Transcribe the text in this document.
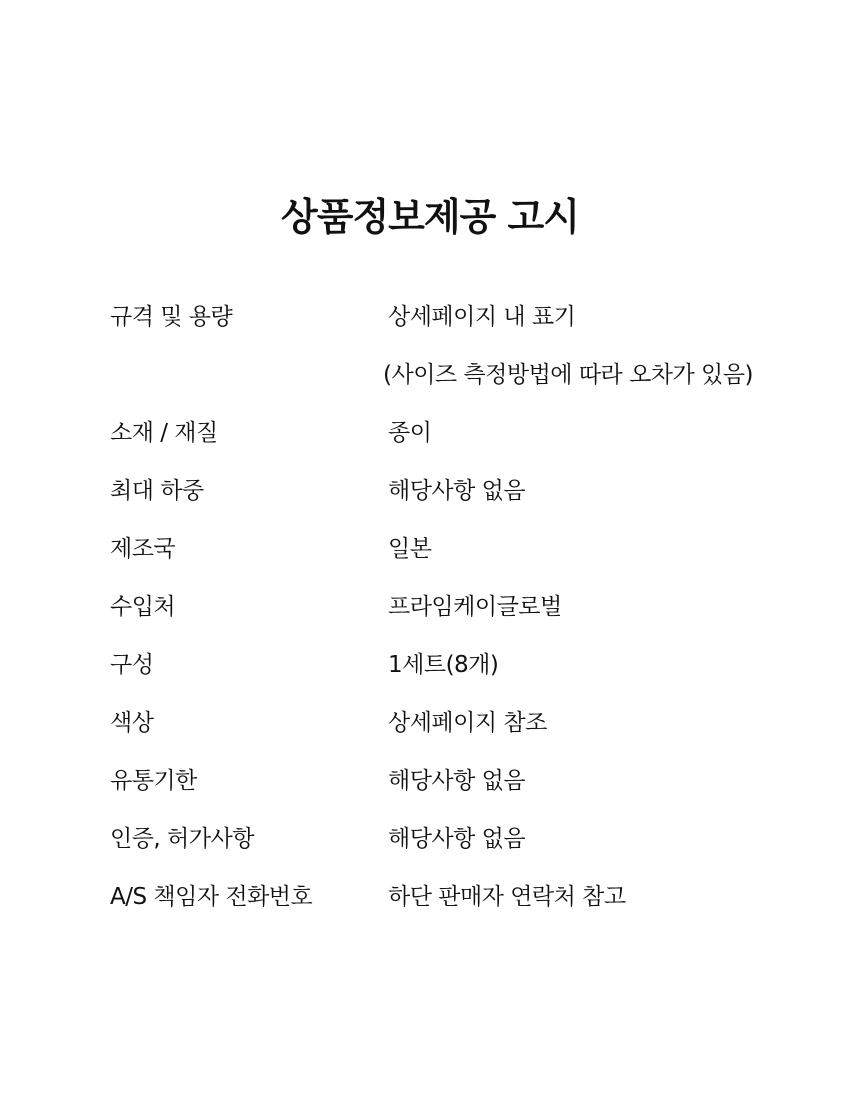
상품정보제공 고시
규격 및 용량	상세페이지 내 표기
(사이즈 측정방법에 따라 오차가 있음)
소재 / 재질	종이
최대 하중	해당사항 없음
제조국	일본
수입처	프라임케이글로벌
구성	1세트(8개)
색상	상세페이지 참조
유통기한	해당사항 없음
인증, 허가사항	해당사항 없음
A/S 책임자 전화번호	하단 판매자 연락처 참고
